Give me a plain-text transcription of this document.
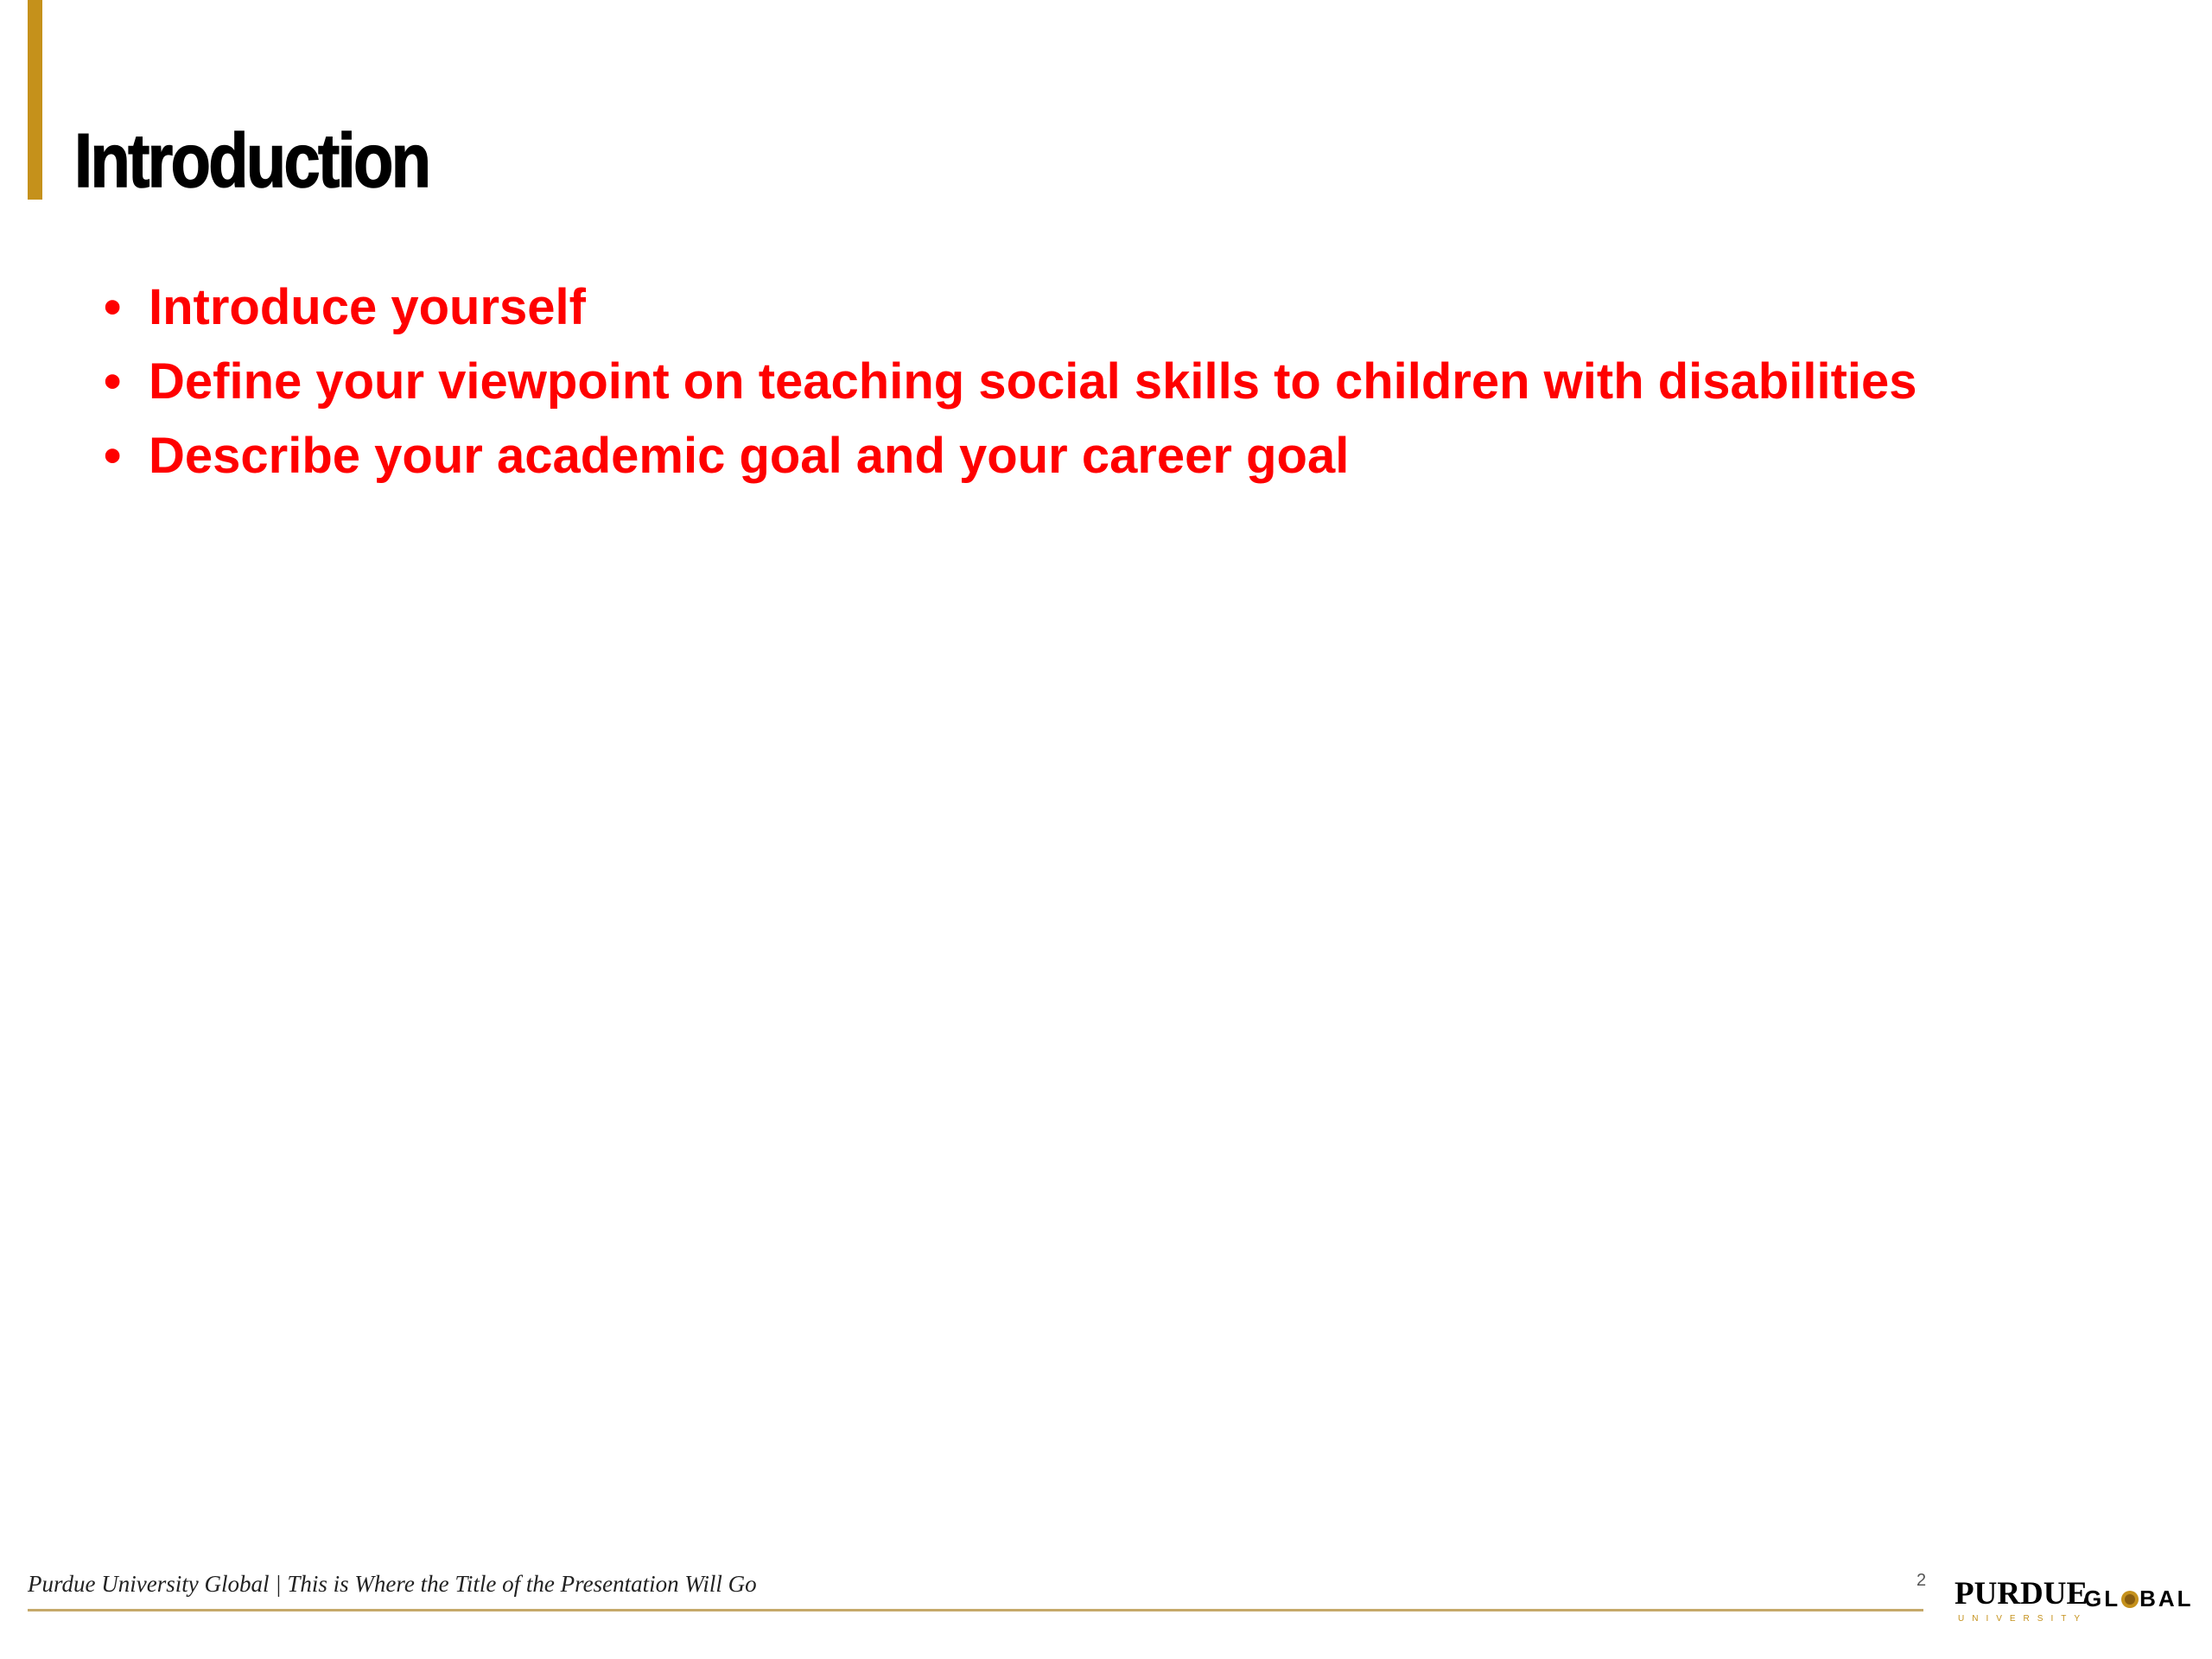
Introduction
• Introduce yourself
• Define your viewpoint on teaching social skills to children with disabilities
• Describe your academic goal and your career goal
Purdue University Global | This is Where the Title of the Presentation Will Go	2 PURDUE
GL BAL
UNIVERSITY
